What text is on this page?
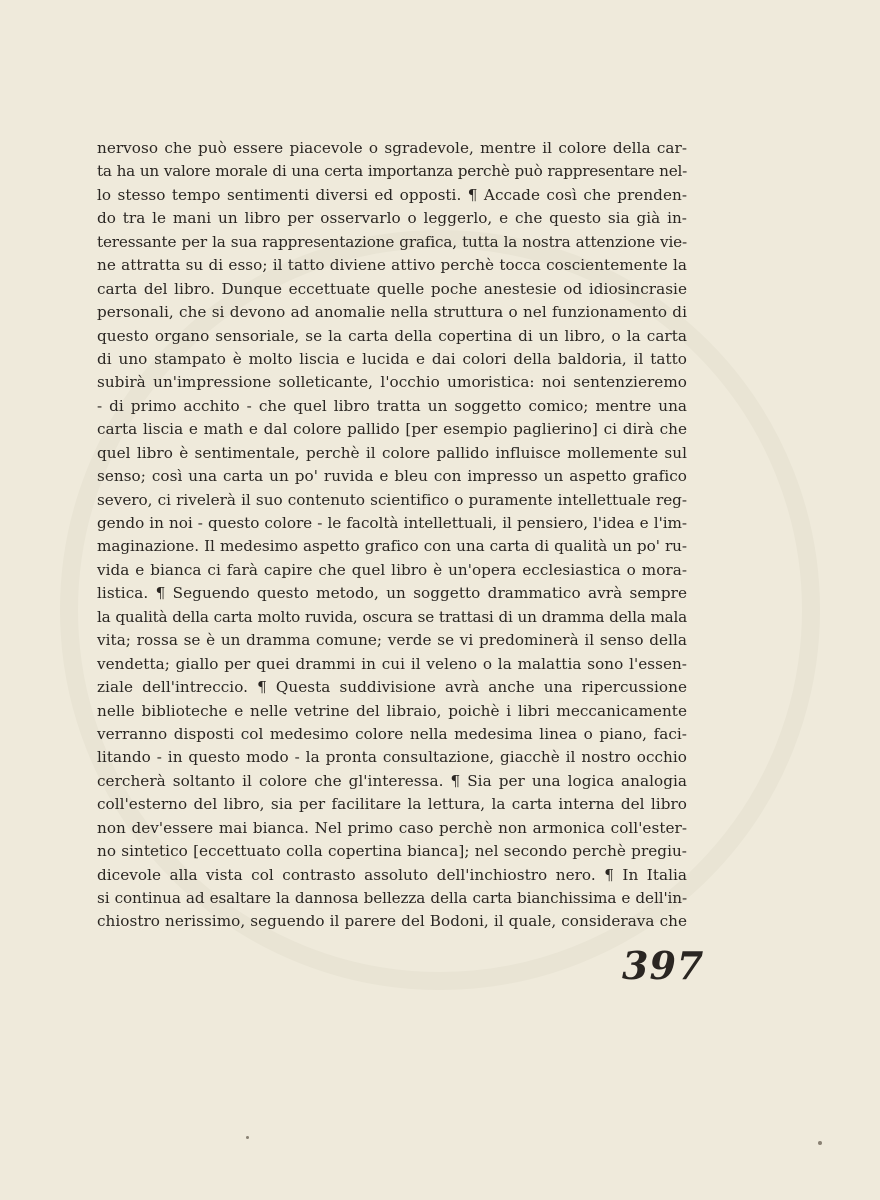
nervoso che può essere piacevole o sgradevole, mentre il colore della car-
ta ha un valore morale di una certa importanza perchè può rappresentare nel-
lo stesso tempo sentimenti diversi ed opposti. ¶ Accade così che prenden-
do tra le mani un libro per osservarlo o leggerlo, e che questo sia già in-
teressante per la sua rappresentazione grafica, tutta la nostra attenzione vie-
ne attratta su di esso; il tatto diviene attivo perchè tocca coscientemente la
carta del libro. Dunque eccettuate quelle poche anestesie od idiosincrasie
personali, che si devono ad anomalie nella struttura o nel funzionamento di
questo organo sensoriale, se la carta della copertina di un libro, o la carta
di uno stampato è molto liscia e lucida e dai colori della baldoria, il tatto
subirà un'impressione solleticante, l'occhio umoristica: noi sentenzieremo
- di primo acchito - che quel libro tratta un soggetto comico; mentre una
carta liscia e math e dal colore pallido [per esempio paglierino] ci dirà che
quel libro è sentimentale, perchè il colore pallido influisce mollemente sul
senso; così una carta un po' ruvida e bleu con impresso un aspetto grafico
severo, ci rivelerà il suo contenuto scientifico o puramente intellettuale reg-
gendo in noi - questo colore - le facoltà intellettuali, il pensiero, l'idea e l'im-
maginazione. Il medesimo aspetto grafico con una carta di qualità un po' ru-
vida e bianca ci farà capire che quel libro è un'opera ecclesiastica o mora-
listica. ¶ Seguendo questo metodo, un soggetto drammatico avrà sempre
la qualità della carta molto ruvida, oscura se trattasi di un dramma della mala
vita; rossa se è un dramma comune; verde se vi predominerà il senso della
vendetta; giallo per quei drammi in cui il veleno o la malattia sono l'essen-
ziale dell'intreccio. ¶ Questa suddivisione avrà anche una ripercussione
nelle biblioteche e nelle vetrine del libraio, poichè i libri meccanicamente
verranno disposti col medesimo colore nella medesima linea o piano, faci-
litando - in questo modo - la pronta consultazione, giacchè il nostro occhio
cercherà soltanto il colore che gl'interessa. ¶ Sia per una logica analogia
coll'esterno del libro, sia per facilitare la lettura, la carta interna del libro
non dev'essere mai bianca. Nel primo caso perchè non armonica coll'ester-
no sintetico [eccettuato colla copertina bianca]; nel secondo perchè pregiu-
dicevole alla vista col contrasto assoluto dell'inchiostro nero. ¶ In Italia
si continua ad esaltare la dannosa bellezza della carta bianchissima e dell'in-
chiostro nerissimo, seguendo il parere del Bodoni, il quale, considerava che
397
